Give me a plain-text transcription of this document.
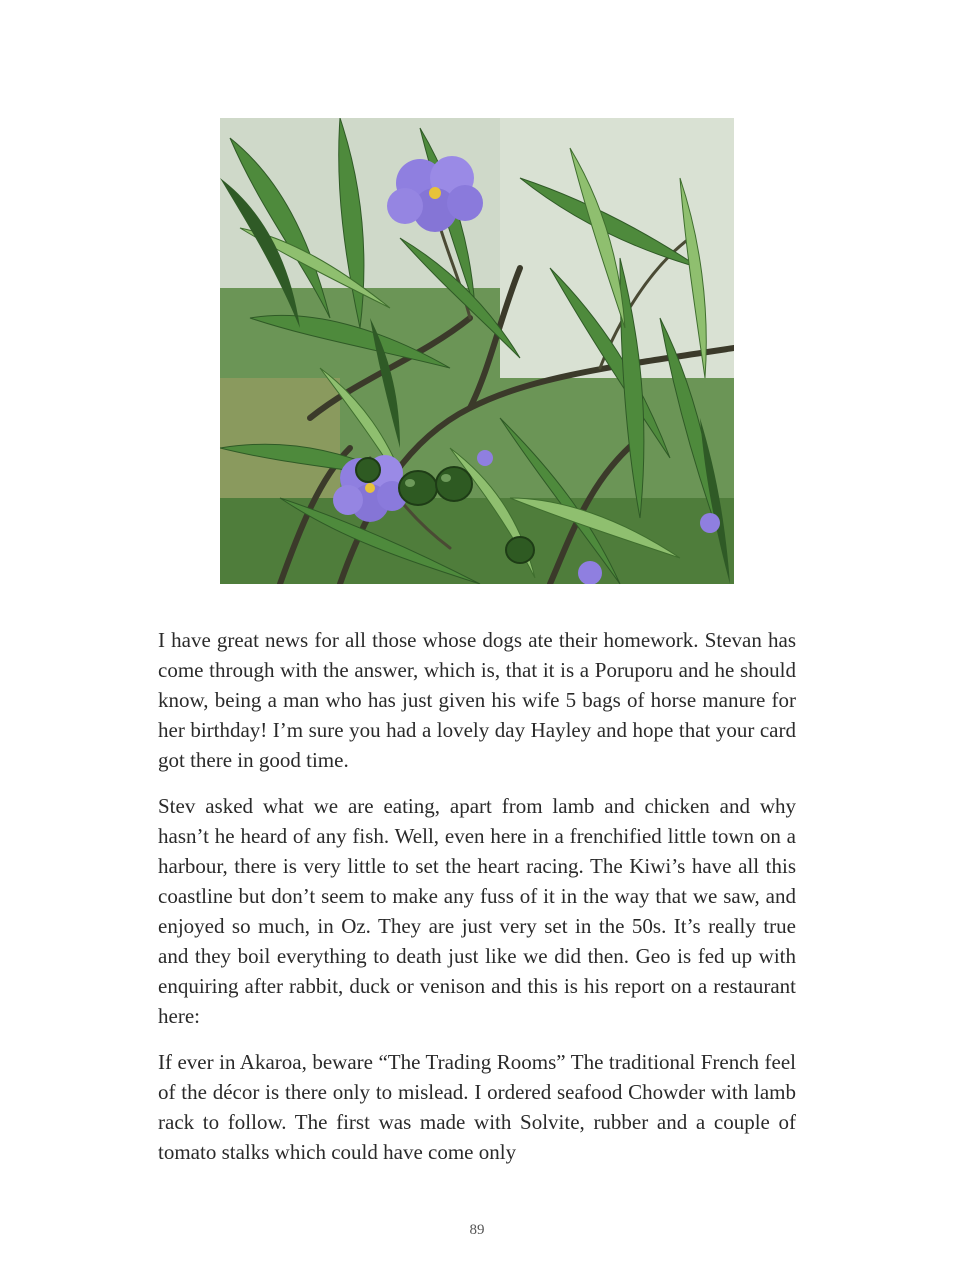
I have great news for all those whose dogs ate their homework. Stevan has come through with the answer, which is, that it is a Poruporu and he should know, being a man who has just given his wife 5 bags of horse manure for her birthday! I’m sure you had a lovely day Hayley and hope that your card got there in good time.

Stev asked what we are eating, apart from lamb and chicken and why hasn’t he heard of any fish. Well, even here in a frenchified little town on a harbour, there is very little to set the heart racing. The Kiwi’s have all this coastline but don’t seem to make any fuss of it in the way that we saw, and enjoyed so much, in Oz. They are just very set in the 50s. It’s really true and they boil everything to death just like we did then. Geo is fed up with enquiring after rabbit, duck or venison and this is his report on a restaurant here:

If ever in Akaroa, beware “The Trading Rooms” The traditional French feel of the décor is there only to mislead. I ordered seafood Chowder with lamb rack to follow. The first was made with Solvite, rubber and a couple of tomato stalks which could have come only

89
